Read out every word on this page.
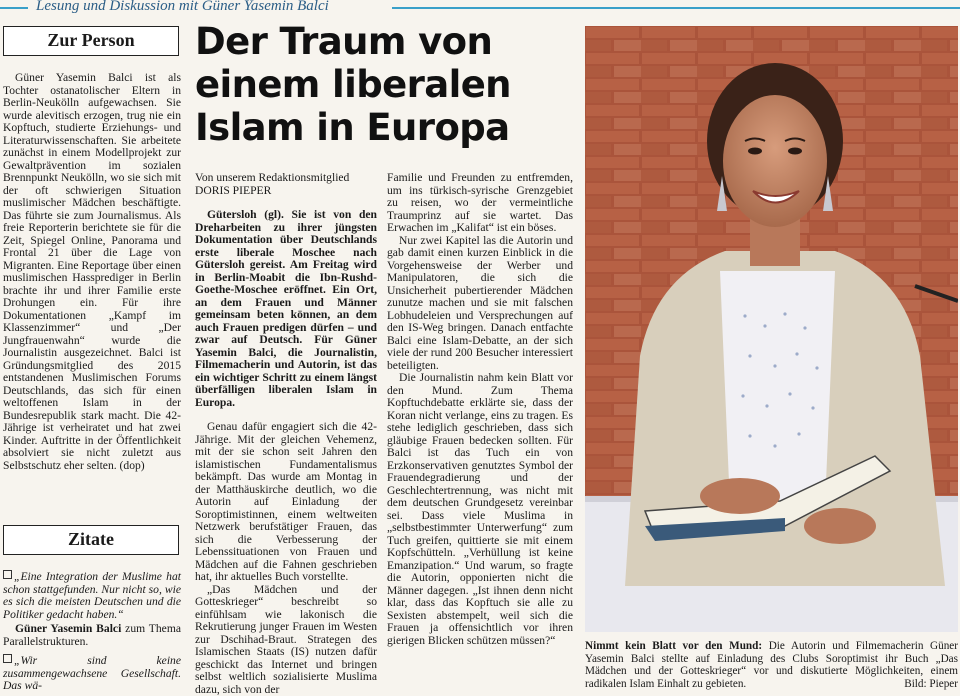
Lesung und Diskussion mit Güner Yasemin Balci
Zur Person

Güner Yasemin Balci ist als Tochter ostanatolischer Eltern in Berlin-Neukölln aufgewachsen. Sie wurde alevitisch erzogen, trug nie ein Kopftuch, studierte Erziehungs- und Literaturwissenschaften. Sie arbeitete zunächst in einem Modellprojekt zur Gewaltprävention im sozialen Brennpunkt Neukölln, wo sie sich mit der oft schwierigen Situation muslimischer Mädchen beschäftigte. Das führte sie zum Journalismus. Als freie Reporterin berichtete sie für die Zeit, Spiegel Online, Panorama und Frontal 21 über die Lage von Migranten. Eine Reportage über einen muslimischen Hassprediger in Berlin brachte ihr und ihrer Familie erste Drohungen ein. Für ihre Dokumentationen „Kampf im Klassenzimmer“ und „Der Jungfrauenwahn“ wurde die Journalistin ausgezeichnet. Balci ist Gründungsmitglied des 2015 entstandenen Muslimischen Forums Deutschlands, das sich für einen weltoffenen Islam in der Bundesrepublik stark macht. Die 42-Jährige ist verheiratet und hat zwei Kinder. Auftritte in der Öffentlichkeit absolviert sie nicht zuletzt aus Selbstschutz eher selten. (dop)

Zitate

„Eine Integration der Muslime hat schon stattgefunden. Nur nicht so, wie es sich die meisten Deutschen und die Politiker gedacht haben.“

Güner Yasemin Balci zum Thema Parallelstrukturen.

„Wir sind keine zusammengewachsene Gesellschaft. Das wä-

Der Traum von einem liberalen Islam in Europa

Von unserem Redaktionsmitglied

DORIS PIEPER

Gütersloh (gl). Sie ist von den Dreharbeiten zu ihrer jüngsten Dokumentation über Deutschlands erste liberale Moschee nach Gütersloh gereist. Am Freitag wird in Berlin-Moabit die Ibn-Rushd-Goethe-Moschee eröffnet. Ein Ort, an dem Frauen und Männer gemeinsam beten können, an dem auch Frauen predigen dürfen – und zwar auf Deutsch. Für Güner Yasemin Balci, die Journalistin, Filmemacherin und Autorin, ist das ein wichtiger Schritt zu einem längst überfälligen liberalen Islam in Europa.

Genau dafür engagiert sich die 42-Jährige. Mit der gleichen Vehemenz, mit der sie schon seit Jahren den islamistischen Fundamentalismus bekämpft. Das wurde am Montag in der Matthäuskirche deutlich, wo die Autorin auf Einladung der Soroptimistinnen, einem weltweiten Netzwerk berufstätiger Frauen, das sich die Verbesserung der Lebenssituationen von Frauen und Mädchen auf die Fahnen geschrieben hat, ihr aktuelles Buch vorstellte.

„Das Mädchen und der Gotteskrieger“ beschreibt so einfühlsam wie lakonisch die Rekrutierung junger Frauen im Westen zur Dschihad-Braut. Strategen des Islamischen Staats (IS) nutzen dafür geschickt das Internet und bringen selbst weltlich sozialisierte Muslima dazu, sich von der

Familie und Freunden zu entfremden, um ins türkisch-syrische Grenzgebiet zu reisen, wo der vermeintliche Traumprinz auf sie wartet. Das Erwachen im „Kalifat“ ist ein böses.

Nur zwei Kapitel las die Autorin und gab damit einen kurzen Einblick in die Vorgehensweise der Werber und Manipulatoren, die sich die Unsicherheit pubertierender Mädchen zunutze machen und sie mit falschen Lobhudeleien und Versprechungen auf den IS-Weg bringen. Danach entfachte Balci eine Islam-Debatte, an der sich viele der rund 200 Besucher interessiert beteiligten.

Die Journalistin nahm kein Blatt vor den Mund. Zum Thema Kopftuchdebatte erklärte sie, dass der Koran nicht verlange, eins zu tragen. Es stehe lediglich geschrieben, dass sich gläubige Frauen bedecken sollten. Für Balci ist das Tuch ein von Erzkonservativen genutztes Symbol der Frauendegradierung und der Geschlechtertrennung, was nicht mit dem deutschen Grundgesetz vereinbar sei. Dass viele Muslima in „selbstbestimmter Unterwerfung“ zum Tuch greifen, quittierte sie mit einem Kopfschütteln. „Verhüllung ist keine Emanzipation.“ Und warum, so fragte die Autorin, opponierten nicht die Männer dagegen. „Ist ihnen denn nicht klar, dass das Kopftuch sie alle zu Sexisten abstempelt, weil sich die Frauen ja offensichtlich vor ihren gierigen Blicken schützen müssen?“	Nimmt kein Blatt vor den Mund: Die Autorin und Filmemacherin Güner Yasemin Balci stellte auf Einladung des Clubs Soroptimist ihr Buch „Das Mädchen und der Gotteskrieger“ vor und diskutierte Möglichkeiten, einem radikalen Islam Einhalt zu gebieten.	Bild: Pieper
